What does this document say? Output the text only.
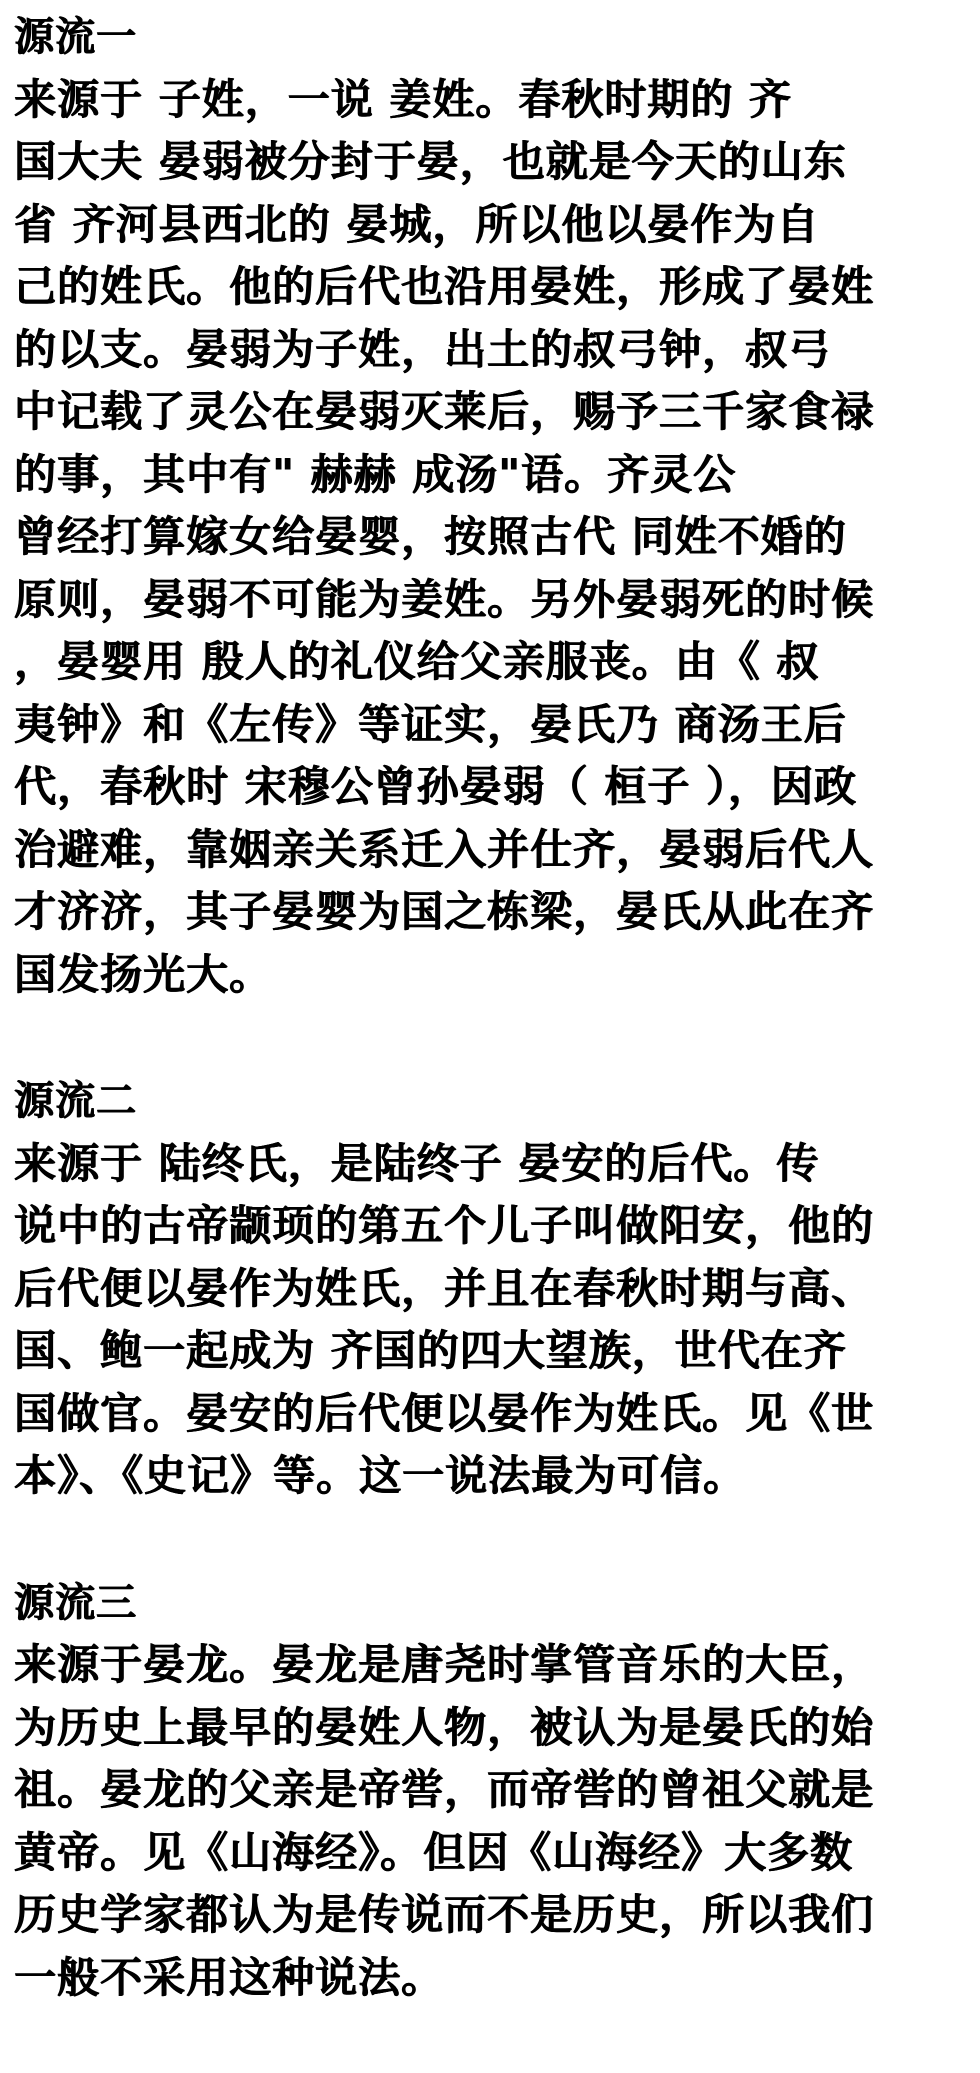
源流一
来源于 子姓，一说 姜姓。春秋时期的 齐
国大夫 晏弱被分封于晏，也就是今天的山东
省 齐河县西北的 晏城，所以他以晏作为自
己的姓氏。他的后代也沿用晏姓，形成了晏姓
的以支。晏弱为子姓，出土的叔弓钟，叔弓
中记载了灵公在晏弱灭莱后，赐予三千家食禄
的事，其中有" 赫赫 成汤"语。齐灵公
曾经打算嫁女给晏婴，按照古代 同姓不婚的
原则，晏弱不可能为姜姓。另外晏弱死的时候
，晏婴用 殷人的礼仪给父亲服丧。由《 叔
夷钟》和《左传》等证实，晏氏乃 商汤王后
代，春秋时 宋穆公曾孙晏弱（ 桓子 ），因政
治避难，靠姻亲关系迁入并仕齐，晏弱后代人
才济济，其子晏婴为国之栋梁，晏氏从此在齐
国发扬光大。
源流二
来源于 陆终氏，是陆终子 晏安的后代。传
说中的古帝颛顼的第五个儿子叫做阳安，他的
后代便以晏作为姓氏，并且在春秋时期与高、
国、鲍一起成为 齐国的四大望族，世代在齐
国做官。晏安的后代便以晏作为姓氏。见《世
本》、《史记》等。这一说法最为可信。
源流三
来源于晏龙。晏龙是唐尧时掌管音乐的大臣，
为历史上最早的晏姓人物，被认为是晏氏的始
祖。晏龙的父亲是帝喾，而帝喾的曾祖父就是
黄帝。见《山海经》。但因《山海经》大多数
历史学家都认为是传说而不是历史，所以我们
一般不采用这种说法。
